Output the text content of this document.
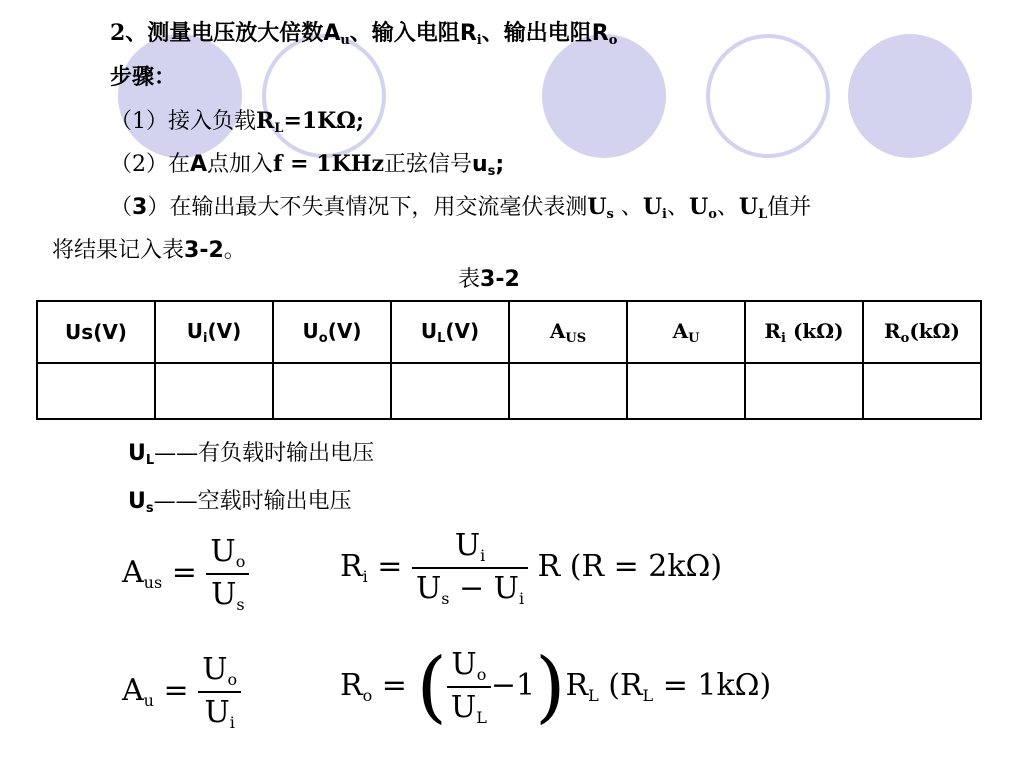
2、测量电压放大倍数$A_u$、输入电阻$R_i$、输出电阻$R_o$
步骤：
（1）接入负载$R_L=1K\Omega$;
（2）在A点加入f = 1KHz正弦信号$u_s$;
（3）在输出最大不失真情况下，用交流毫伏表测$U_s$ 、$U_i$、$U_o$、$U_L$值并
将结果记入表3-2。
表3-2
Us(V)	$U_i(V)$	$U_o(V)$	$U_L(V)$	$A_{US}$	$A_U$	$R_i$ (kΩ)	$R_o(k\Omega)$

$U_L——$有负载时输出电压
$U_s——$空载时输出电压
$A_{us} = \frac{U_o}{U_s}$	$R_i = \frac{U_i}{U_s - U_i}$ R (R = 2kΩ)
$A_u = \frac{U_o}{U_i}$	$R_o$ = ( $\frac{U_o}{U_L} -1)R_L$ $(R_L = 1k\Omega)$
